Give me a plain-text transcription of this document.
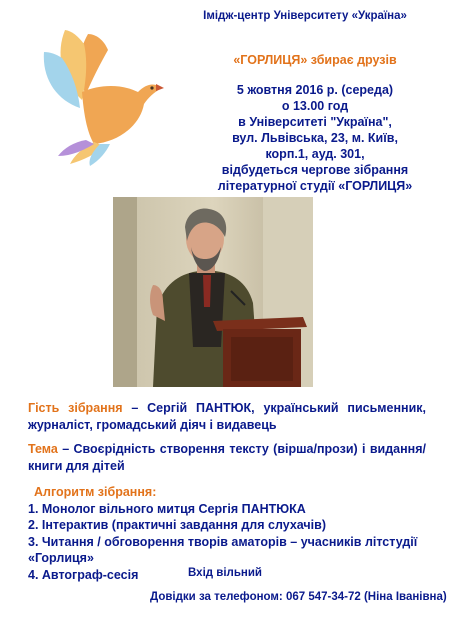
Імідж-центр Університету «Україна»
«ГОРЛИЦЯ» збирає друзів
5 жовтня 2016 р. (середа)
о 13.00 год
в Університеті "Україна",
вул. Львівська, 23, м. Київ,
корп.1, ауд. 301,
відбудеться чергове зібрання
літературної студії «ГОРЛИЦЯ»
Гість зібрання – Сергій ПАНТЮК, український письменник, журналіст, громадський діяч і видавець
Тема – Своєрідність створення тексту (вірша/прози) і видання/книги для дітей
Алгоритм зібрання:
1. Монолог вільного митця Сергія ПАНТЮКА
2. Інтерактив (практичні завдання для слухачів)
3. Читання / обговорення творів аматорів – учасників літстудії «Горлиця»
4. Автограф-сесія	Вхід вільний
Довідки за телефоном: 067 547-34-72 (Ніна Іванівна)
